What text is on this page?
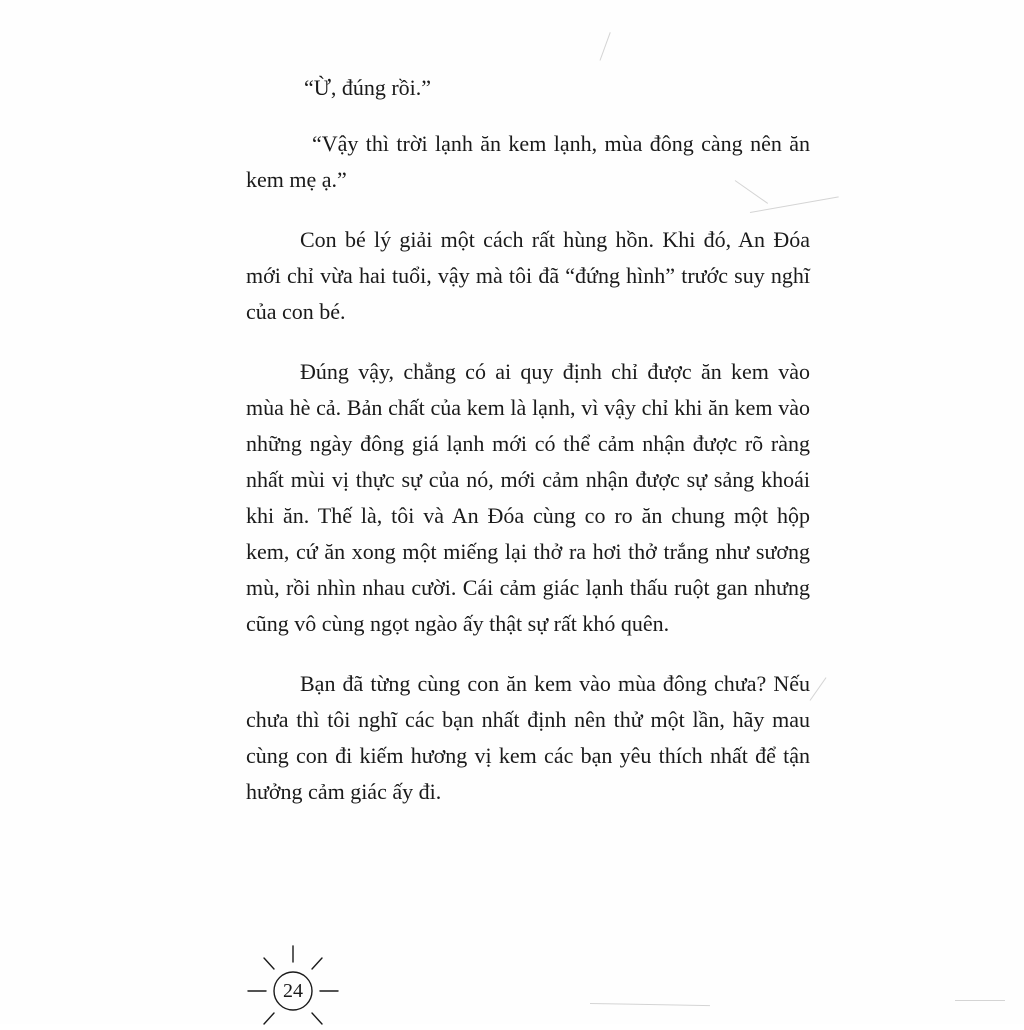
“Ừ, đúng rồi.”

“Vậy thì trời lạnh ăn kem lạnh, mùa đông càng nên ăn kem mẹ ạ.”

Con bé lý giải một cách rất hùng hồn. Khi đó, An Đóa mới chỉ vừa hai tuổi, vậy mà tôi đã “đứng hình” trước suy nghĩ của con bé.

Đúng vậy, chẳng có ai quy định chỉ được ăn kem vào mùa hè cả. Bản chất của kem là lạnh, vì vậy chỉ khi ăn kem vào những ngày đông giá lạnh mới có thể cảm nhận được rõ ràng nhất mùi vị thực sự của nó, mới cảm nhận được sự sảng khoái khi ăn. Thế là, tôi và An Đóa cùng co ro ăn chung một hộp kem, cứ ăn xong một miếng lại thở ra hơi thở trắng như sương mù, rồi nhìn nhau cười. Cái cảm giác lạnh thấu ruột gan nhưng cũng vô cùng ngọt ngào ấy thật sự rất khó quên.

Bạn đã từng cùng con ăn kem vào mùa đông chưa? Nếu chưa thì tôi nghĩ các bạn nhất định nên thử một lần, hãy mau cùng con đi kiếm hương vị kem các bạn yêu thích nhất để tận hưởng cảm giác ấy đi.

24
